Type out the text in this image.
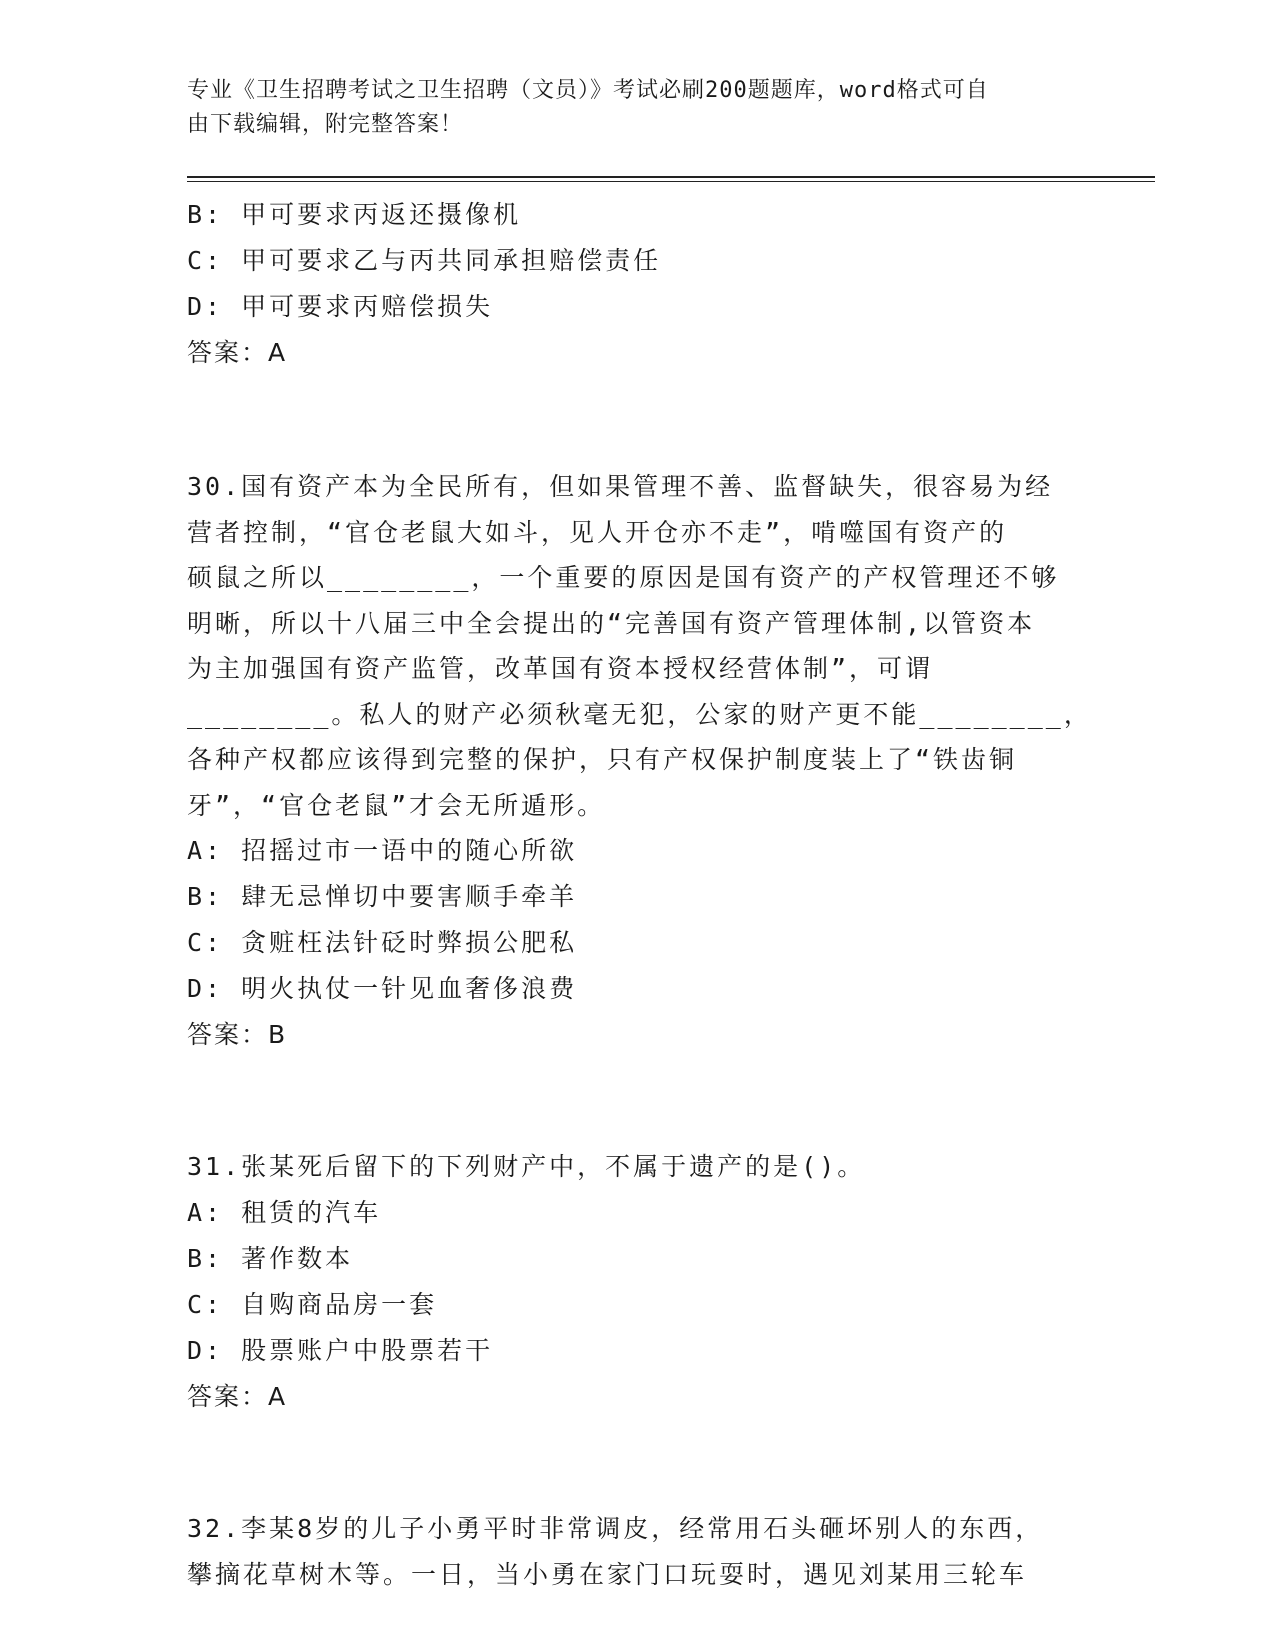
专业《卫生招聘考试之卫生招聘（文员）》考试必刷200题题库，word格式可自
由下载编辑，附完整答案！
B: 甲可要求丙返还摄像机
C: 甲可要求乙与丙共同承担赔偿责任
D: 甲可要求丙赔偿损失
答案：A
30.国有资产本为全民所有，但如果管理不善、监督缺失，很容易为经
营者控制，“官仓老鼠大如斗，见人开仓亦不走”，啃噬国有资产的
硕鼠之所以________，一个重要的原因是国有资产的产权管理还不够
明晰，所以十八届三中全会提出的“完善国有资产管理体制,以管资本
为主加强国有资产监管，改革国有资本授权经营体制”，可谓
________。私人的财产必须秋毫无犯，公家的财产更不能________，
各种产权都应该得到完整的保护，只有产权保护制度装上了“铁齿铜
牙”，“官仓老鼠”才会无所遁形。
A: 招摇过市一语中的随心所欲
B: 肆无忌惮切中要害顺手牵羊
C: 贪赃枉法针砭时弊损公肥私
D: 明火执仗一针见血奢侈浪费
答案：B
31.张某死后留下的下列财产中，不属于遗产的是()。
A: 租赁的汽车
B: 著作数本
C: 自购商品房一套
D: 股票账户中股票若干
答案：A
32.李某8岁的儿子小勇平时非常调皮，经常用石头砸坏别人的东西，
攀摘花草树木等。一日，当小勇在家门口玩耍时，遇见刘某用三轮车
